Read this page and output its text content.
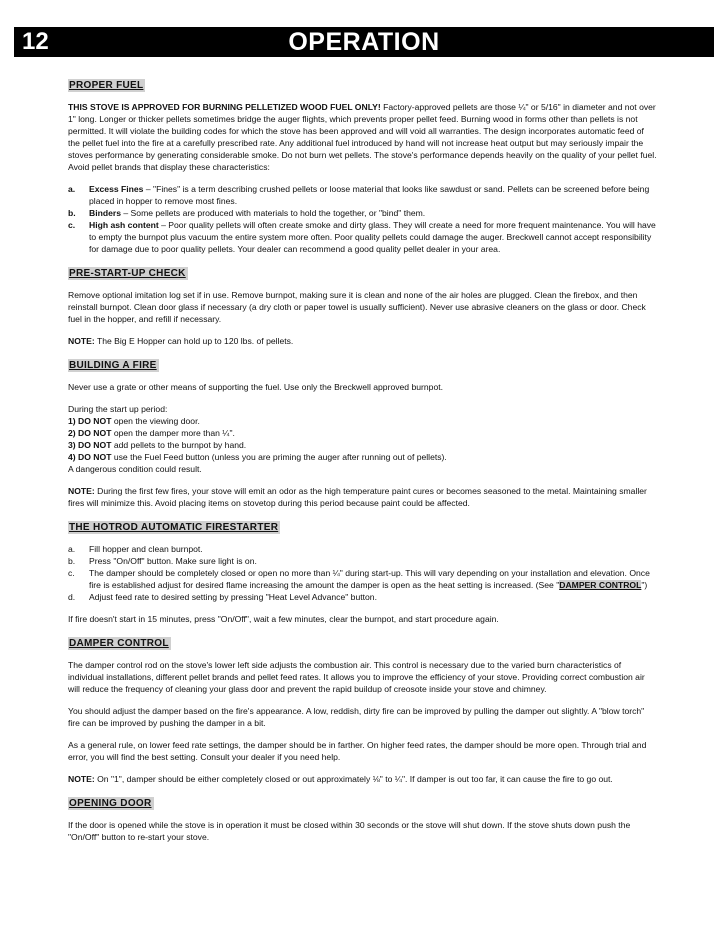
12	OPERATION
PROPER FUEL

THIS STOVE IS APPROVED FOR BURNING PELLETIZED WOOD FUEL ONLY! Factory-approved pellets are those ¼" or 5/16" in diameter and not over 1" long. Longer or thicker pellets sometimes bridge the auger flights, which prevents proper pellet feed. Burning wood in forms other than pellets is not permitted. It will violate the building codes for which the stove has been approved and will void all warranties. The design incorporates automatic feed of the pellet fuel into the fire at a carefully prescribed rate. Any additional fuel introduced by hand will not increase heat output but may seriously impair the stoves performance by generating considerable smoke. Do not burn wet pellets. The stove's performance depends heavily on the quality of your pellet fuel. Avoid pellet brands that display these characteristics:

a.	Excess Fines – "Fines" is a term describing crushed pellets or loose material that looks like sawdust or sand. Pellets can be screened before being placed in hopper to remove most fines.
b.	Binders – Some pellets are produced with materials to hold the together, or "bind" them.
c.	High ash content – Poor quality pellets will often create smoke and dirty glass. They will create a need for more frequent maintenance. You will have to empty the burnpot plus vacuum the entire system more often. Poor quality pellets could damage the auger. Breckwell cannot accept responsibility for damage due to poor quality pellets. Your dealer can recommend a good quality pellet dealer in your area.
PRE-START-UP CHECK

Remove optional imitation log set if in use. Remove burnpot, making sure it is clean and none of the air holes are plugged. Clean the firebox, and then reinstall burnpot. Clean door glass if necessary (a dry cloth or paper towel is usually sufficient). Never use abrasive cleaners on the glass or door. Check fuel in the hopper, and refill if necessary.

NOTE: The Big E Hopper can hold up to 120 lbs. of pellets.

BUILDING A FIRE

Never use a grate or other means of supporting the fuel. Use only the Breckwell approved burnpot.

During the start up period:

1) DO NOT open the viewing door.

2) DO NOT open the damper more than ¼".

3) DO NOT add pellets to the burnpot by hand.

4) DO NOT use the Fuel Feed button (unless you are priming the auger after running out of pellets).

A dangerous condition could result.

NOTE: During the first few fires, your stove will emit an odor as the high temperature paint cures or becomes seasoned to the metal. Maintaining smaller fires will minimize this. Avoid placing items on stovetop during this period because paint could be affected.

THE HOTROD AUTOMATIC FIRESTARTER
a.	Fill hopper and clean burnpot.
b.	Press "On/Off" button. Make sure light is on.
c.	The damper should be completely closed or open no more than ¼" during start-up. This will vary depending on your installation and elevation. Once fire is established adjust for desired flame increasing the amount the damper is open as the heat setting is increased. (See "DAMPER CONTROL")
d.	Adjust feed rate to desired setting by pressing "Heat Level Advance" button.

If fire doesn't start in 15 minutes, press "On/Off", wait a few minutes, clear the burnpot, and start procedure again.

DAMPER CONTROL

The damper control rod on the stove's lower left side adjusts the combustion air. This control is necessary due to the varied burn characteristics of individual installations, different pellet brands and pellet feed rates. It allows you to improve the efficiency of your stove. Providing correct combustion air will reduce the frequency of cleaning your glass door and prevent the rapid buildup of creosote inside your stove and chimney.

You should adjust the damper based on the fire's appearance. A low, reddish, dirty fire can be improved by pulling the damper out slightly. A "blow torch" fire can be improved by pushing the damper in a bit.

As a general rule, on lower feed rate settings, the damper should be in farther. On higher feed rates, the damper should be more open. Through trial and error, you will find the best setting. Consult your dealer if you need help.

NOTE: On "1", damper should be either completely closed or out approximately ⅛" to ¼". If damper is out too far, it can cause the fire to go out.

OPENING DOOR

If the door is opened while the stove is in operation it must be closed within 30 seconds or the stove will shut down. If the stove shuts down push the "On/Off" button to re-start your stove.
